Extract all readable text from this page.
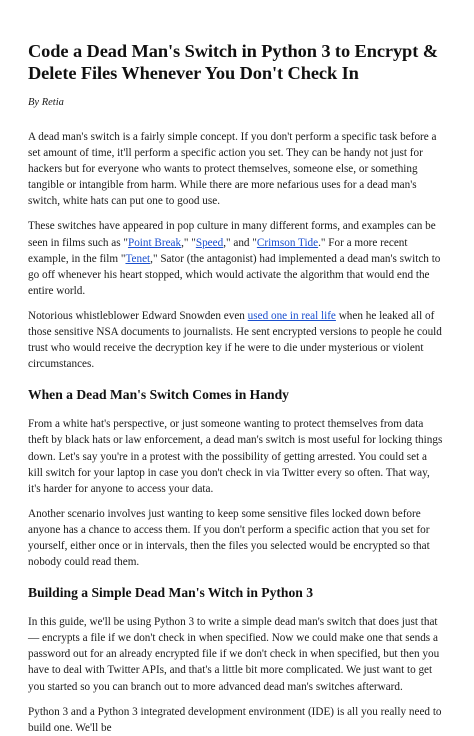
Code a Dead Man's Switch in Python 3 to Encrypt & Delete Files Whenever You Don't Check In
By Retia

A dead man's switch is a fairly simple concept. If you don't perform a specific task before a set amount of time, it'll perform a specific action you set. They can be handy not just for hackers but for everyone who wants to protect themselves, someone else, or something tangible or intangible from harm. While there are more nefarious uses for a dead man's switch, white hats can put one to good use.

These switches have appeared in pop culture in many different forms, and examples can be seen in films such as "Point Break," "Speed," and "Crimson Tide." For a more recent example, in the film "Tenet," Sator (the antagonist) had implemented a dead man's switch to go off whenever his heart stopped, which would activate the algorithm that would end the entire world.

Notorious whistleblower Edward Snowden even used one in real life when he leaked all of those sensitive NSA documents to journalists. He sent encrypted versions to people he could trust who would receive the decryption key if he were to die under mysterious or violent circumstances.

When a Dead Man's Switch Comes in Handy

From a white hat's perspective, or just someone wanting to protect themselves from data theft by black hats or law enforcement, a dead man's switch is most useful for locking things down. Let's say you're in a protest with the possibility of getting arrested. You could set a kill switch for your laptop in case you don't check in via Twitter every so often. That way, it's harder for anyone to access your data.

Another scenario involves just wanting to keep some sensitive files locked down before anyone has a chance to access them. If you don't perform a specific action that you set for yourself, either once or in intervals, then the files you selected would be encrypted so that nobody could read them.

Building a Simple Dead Man's Witch in Python 3

In this guide, we'll be using Python 3 to write a simple dead man's switch that does just that — encrypts a file if we don't check in when specified. Now we could make one that sends a password out for an already encrypted file if we don't check in when specified, but then you have to deal with Twitter APIs, and that's a little bit more complicated. We just want to get you started so you can branch out to more advanced dead man's switches afterward.

Python 3 and a Python 3 integrated development environment (IDE) is all you really need to build one. We'll be
